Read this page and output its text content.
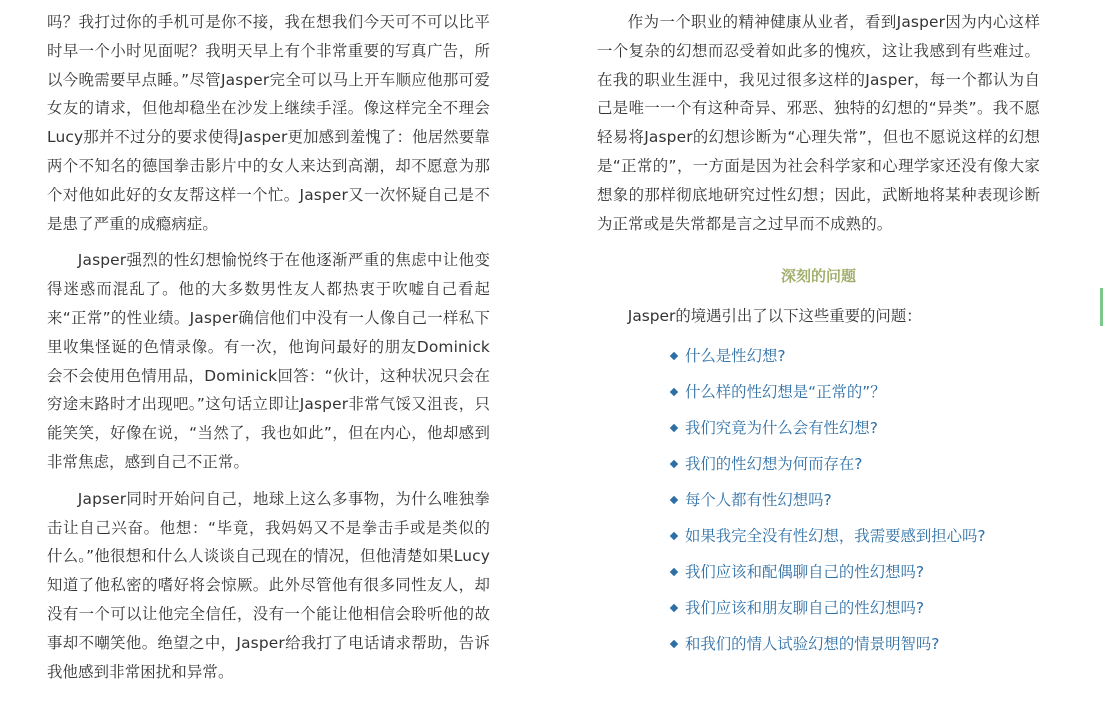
吗？我打过你的手机可是你不接，我在想我们今天可不可以比平时早一个小时见面呢？我明天早上有个非常重要的写真广告，所以今晚需要早点睡。”尽管Jasper完全可以马上开车顺应他那可爱女友的请求，但他却稳坐在沙发上继续手淫。像这样完全不理会Lucy那并不过分的要求使得Jasper更加感到羞愧了：他居然要靠两个不知名的德国拳击影片中的女人来达到高潮，却不愿意为那个对他如此好的女友帮这样一个忙。Jasper又一次怀疑自己是不是患了严重的成瘾病症。

Jasper强烈的性幻想愉悦终于在他逐渐严重的焦虑中让他变得迷惑而混乱了。他的大多数男性友人都热衷于吹嘘自己看起来“正常”的性业绩。Jasper确信他们中没有一人像自己一样私下里收集怪诞的色情录像。有一次，他询问最好的朋友Dominick会不会使用色情用品，Dominick回答：“伙计，这种状况只会在穷途末路时才出现吧。”这句话立即让Jasper非常气馁又沮丧，只能笑笑，好像在说，“当然了，我也如此”，但在内心，他却感到非常焦虑，感到自己不正常。

Japser同时开始问自己，地球上这么多事物，为什么唯独拳击让自己兴奋。他想：“毕竟，我妈妈又不是拳击手或是类似的什么。”他很想和什么人谈谈自己现在的情况，但他清楚如果Lucy知道了他私密的嗜好将会惊厥。此外尽管他有很多同性友人，却没有一个可以让他完全信任，没有一个能让他相信会聆听他的故事却不嘲笑他。绝望之中，Jasper给我打了电话请求帮助，告诉我他感到非常困扰和异常。

作为一个职业的精神健康从业者，看到Jasper因为内心这样一个复杂的幻想而忍受着如此多的愧疚，这让我感到有些难过。在我的职业生涯中，我见过很多这样的Jasper，每一个都认为自己是唯一一个有这种奇异、邪恶、独特的幻想的“异类”。我不愿轻易将Jasper的幻想诊断为“心理失常”，但也不愿说这样的幻想是“正常的”，一方面是因为社会科学家和心理学家还没有像大家想象的那样彻底地研究过性幻想；因此，武断地将某种表现诊断为正常或是失常都是言之过早而不成熟的。

深刻的问题

Jasper的境遇引出了以下这些重要的问题：

什么是性幻想?
什么样的性幻想是“正常的”？
我们究竟为什么会有性幻想?
我们的性幻想为何而存在?
每个人都有性幻想吗?
如果我完全没有性幻想，我需要感到担心吗?
我们应该和配偶聊自己的性幻想吗?
我们应该和朋友聊自己的性幻想吗?
和我们的情人试验幻想的情景明智吗?
